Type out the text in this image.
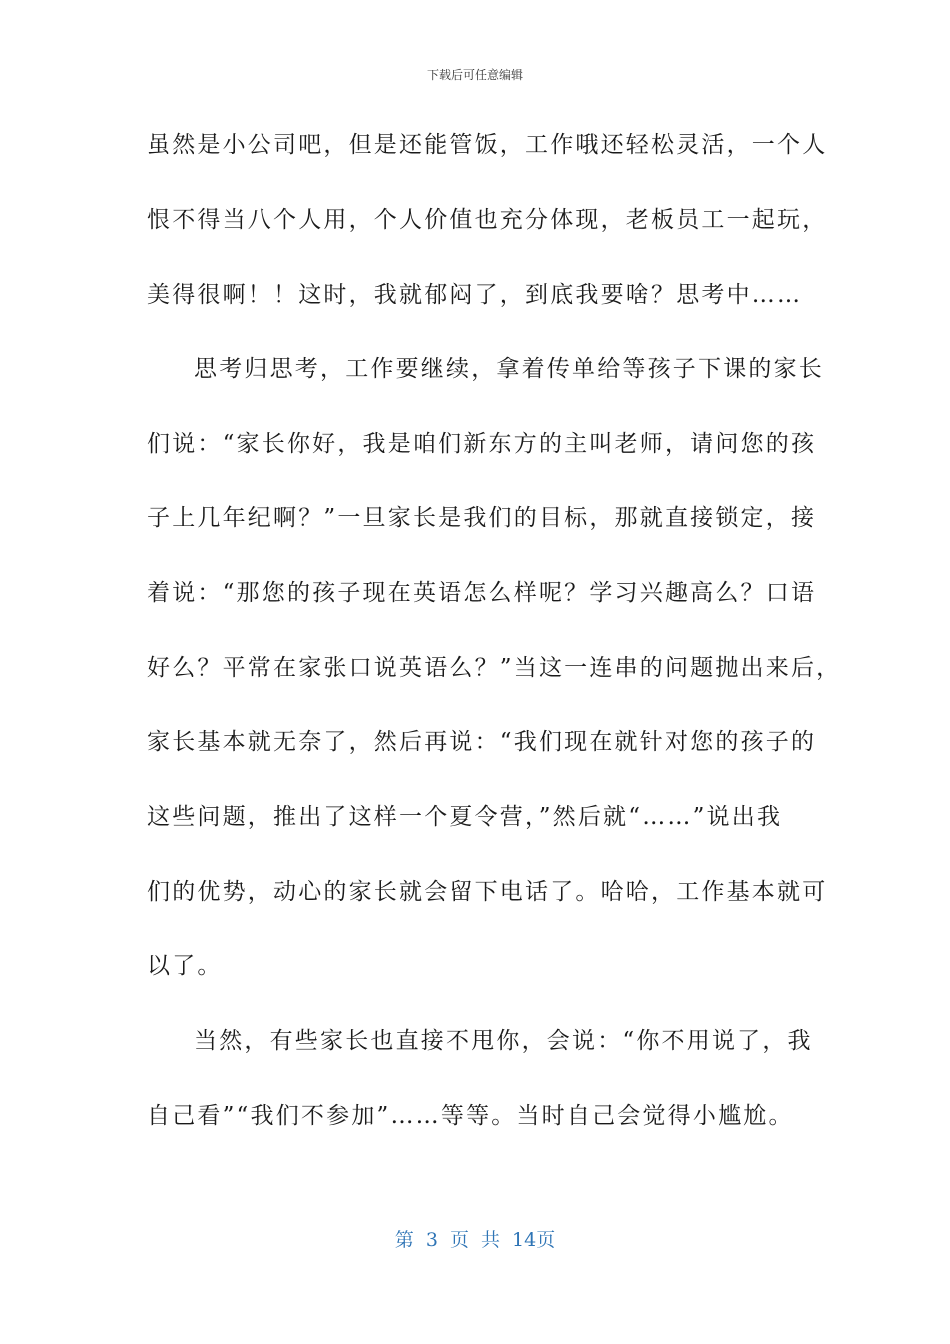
下载后可任意编辑
虽然是小公司吧，但是还能管饭，工作哦还轻松灵活，一个人
恨不得当八个人用，个人价值也充分体现，老板员工一起玩，
美得很啊！！这时，我就郁闷了，到底我要啥？思考中……
思考归思考，工作要继续，拿着传单给等孩子下课的家长
们说：“家长你好，我是咱们新东方的主叫老师，请问您的孩
子上几年纪啊？”一旦家长是我们的目标，那就直接锁定，接
着说：“那您的孩子现在英语怎么样呢？学习兴趣高么？口语
好么？平常在家张口说英语么？”当这一连串的问题抛出来后，
家长基本就无奈了，然后再说：“我们现在就针对您的孩子的
这些问题，推出了这样一个夏令营，”然后就“……”说出我
们的优势，动心的家长就会留下电话了。哈哈，工作基本就可
以了。
当然，有些家长也直接不甩你，会说：“你不用说了，我
自己看”“我们不参加”……等等。当时自己会觉得小尴尬。
第 3 页 共 14页
